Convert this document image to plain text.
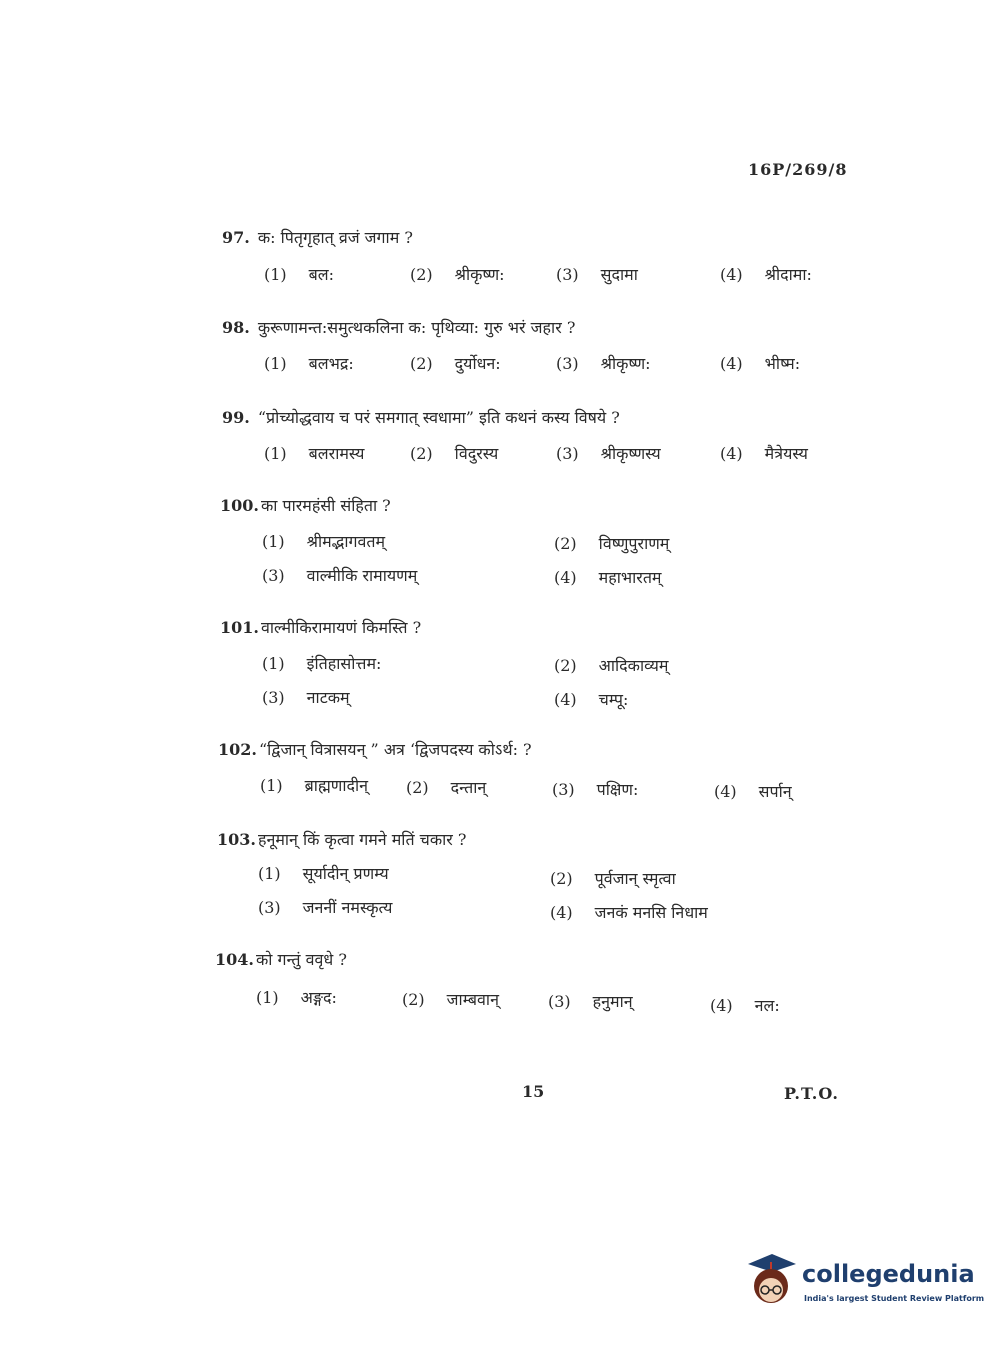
16P/269/8
97. क: पितृगृहात् व्रजं जगाम ?
(1) बल:	(2) श्रीकृष्ण:	(3) सुदामा	(4) श्रीदामा:
98. कुरूणामन्त:समुत्थकलिना क: पृथिव्या: गुरु भरं जहार ?
(1) बलभद्र:	(2) दुर्योधन:	(3) श्रीकृष्ण:	(4) भीष्म:
99. “प्रोच्योद्धवाय च परं समगात् स्वधामा” इति कथनं कस्य विषये ?
(1) बलरामस्य	(2) विदुरस्य	(3) श्रीकृष्णस्य	(4) मैत्रेयस्य
100. का पारमहंसी संहिता ?
(1) श्रीमद्भागवतम्	(2) विष्णुपुराणम्
(3) वाल्मीकि रामायणम्	(4) महाभारतम्
101. वाल्मीकिरामायणं किमस्ति ?
(1) इंतिहासोत्तम:	(2) आदिकाव्यम्
(3) नाटकम्	(4) चम्पू:
102. “द्विजान् वित्रासयन् ” अत्र ‘द्विजपदस्य कोऽर्थ: ?
(1) ब्राह्मणादीन् (2) दन्तान्	(3) पक्षिण:	(4) सर्पान्
103. हनूमान् किं कृत्वा गमने मतिं चकार ?
(1) सूर्यादीन् प्रणम्य	(2) पूर्वजान् स्मृत्वा
(3) जननीं नमस्कृत्य	(4) जनकं मनसि निधाम
104. को गन्तुं ववृधे ?
(1) अङ्गद:	(2) जाम्बवान्	(3) हनुमान्	(4) नल:
15	P.T.O.
collegedunia
India's largest Student Review Platform
